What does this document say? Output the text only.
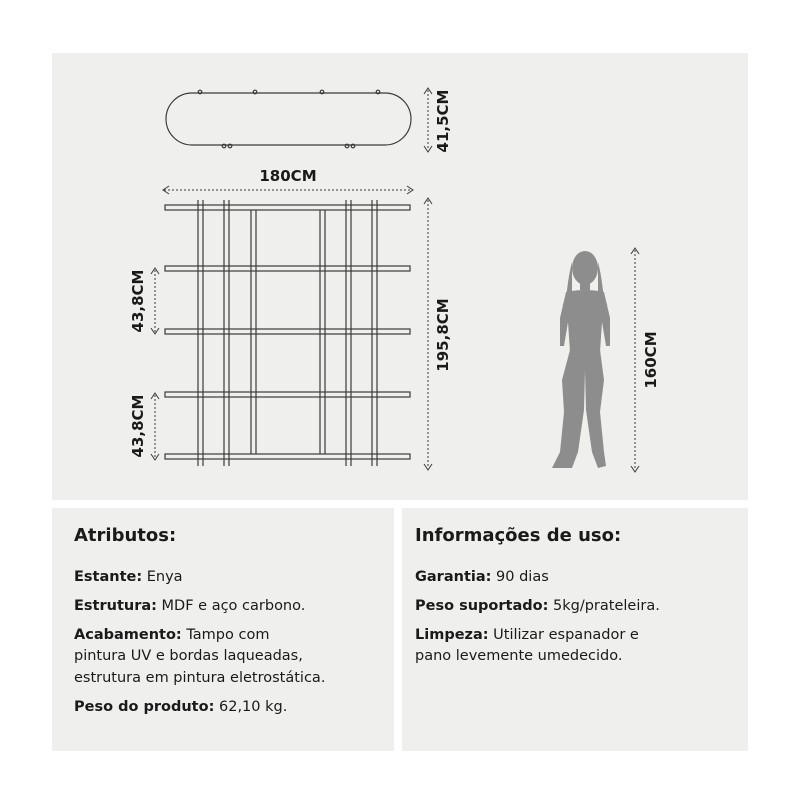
41,5CM
180CM
195,8CM
43,8CM
43,8CM
160CM
Atributos:
Estante: Enya
Estrutura: MDF e aço carbono.
Acabamento: Tampo com
pintura UV e bordas laqueadas,
estrutura em pintura eletrostática.
Peso do produto: 62,10 kg.
Informações de uso:
Garantia: 90 dias
Peso suportado: 5kg/prateleira.
Limpeza: Utilizar espanador e
pano levemente umedecido.
